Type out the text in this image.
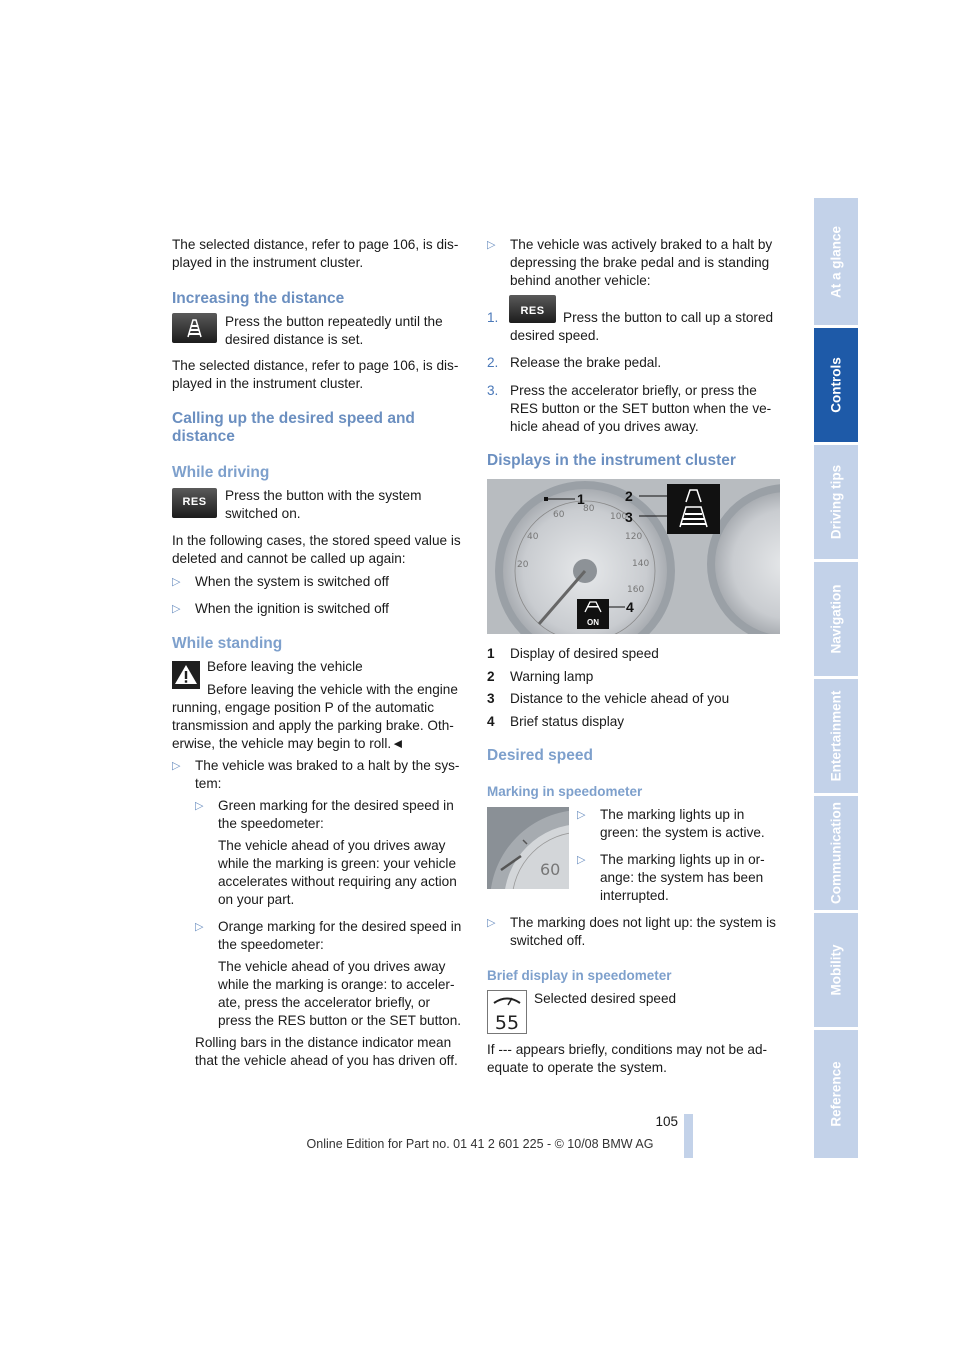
The selected distance, refer to page 106, is dis-

played in the instrument cluster.

Increasing the distance

Press the button repeatedly until the

desired distance is set.

The selected distance, refer to page 106, is dis-

played in the instrument cluster.

Calling up the desired speed and

distance

While driving
RES	Press the button with the system

switched on.

In the following cases, the stored speed value is

deleted and cannot be called up again:

▷ When the system is switched off
▷ When the ignition is switched off
While standing
Before leaving the vehicle

Before leaving the vehicle with the engine

running, engage position P of the automatic

transmission and apply the parking brake. Oth-

erwise, the vehicle may begin to roll.◄

▷ The vehicle was braked to a halt by the sys-

tem:

▷ Green marking for the desired speed in

the speedometer:

The vehicle ahead of you drives away

while the marking is green: your vehicle

accelerates without requiring any action

on your part.

▷ Orange marking for the desired speed in

the speedometer:

The vehicle ahead of you drives away

while the marking is orange: to acceler-

ate, press the accelerator briefly, or

press the RES button or the SET button.

Rolling bars in the distance indicator mean

that the vehicle ahead of you has driven off.

▷ The vehicle was actively braked to a halt by

depressing the brake pedal and is standing

behind another vehicle:

1.	RES	Press the button to call up a stored

desired speed.

2. Release the brake pedal.

3. Press the accelerator briefly, or press the

RES button or the SET button when the ve-

hicle ahead of you drives away.

Displays in the instrument cluster
40
20
60
80
100
120
140
160
1	2
3
ON
4
1 Display of desired speed
2 Warning lamp
3 Distance to the vehicle ahead of you
4 Brief status display
Desired speed
Marking in speedometer
60
▷ The marking lights up in

green: the system is active.

▷ The marking lights up in or-

ange: the system has been

interrupted.

▷ The marking does not light up: the system is

switched off.

Brief display in speedometer
55
Selected desired speed

If --- appears briefly, conditions may not be ad-

equate to operate the system.

At a glance
Controls
Driving tips
Navigation
Entertainment
Communication
Mobility
Reference
105
Online Edition for Part no. 01 41 2 601 225 - © 10/08 BMW AG
